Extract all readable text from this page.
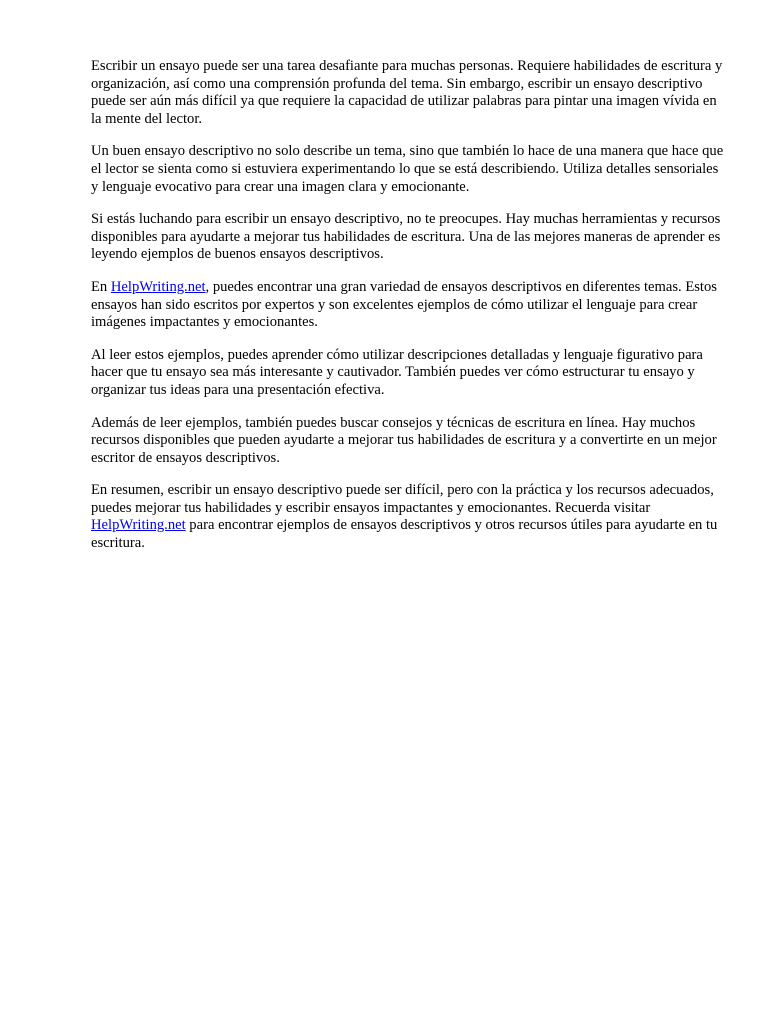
Escribir un ensayo puede ser una tarea desafiante para muchas personas. Requiere habilidades de escritura y organización, así como una comprensión profunda del tema. Sin embargo, escribir un ensayo descriptivo puede ser aún más difícil ya que requiere la capacidad de utilizar palabras para pintar una imagen vívida en la mente del lector.

Un buen ensayo descriptivo no solo describe un tema, sino que también lo hace de una manera que hace que el lector se sienta como si estuviera experimentando lo que se está describiendo. Utiliza detalles sensoriales y lenguaje evocativo para crear una imagen clara y emocionante.

Si estás luchando para escribir un ensayo descriptivo, no te preocupes. Hay muchas herramientas y recursos disponibles para ayudarte a mejorar tus habilidades de escritura. Una de las mejores maneras de aprender es leyendo ejemplos de buenos ensayos descriptivos.

En HelpWriting.net, puedes encontrar una gran variedad de ensayos descriptivos en diferentes temas. Estos ensayos han sido escritos por expertos y son excelentes ejemplos de cómo utilizar el lenguaje para crear imágenes impactantes y emocionantes.

Al leer estos ejemplos, puedes aprender cómo utilizar descripciones detalladas y lenguaje figurativo para hacer que tu ensayo sea más interesante y cautivador. También puedes ver cómo estructurar tu ensayo y organizar tus ideas para una presentación efectiva.

Además de leer ejemplos, también puedes buscar consejos y técnicas de escritura en línea. Hay muchos recursos disponibles que pueden ayudarte a mejorar tus habilidades de escritura y a convertirte en un mejor escritor de ensayos descriptivos.

En resumen, escribir un ensayo descriptivo puede ser difícil, pero con la práctica y los recursos adecuados, puedes mejorar tus habilidades y escribir ensayos impactantes y emocionantes. Recuerda visitar HelpWriting.net para encontrar ejemplos de ensayos descriptivos y otros recursos útiles para ayudarte en tu escritura.
